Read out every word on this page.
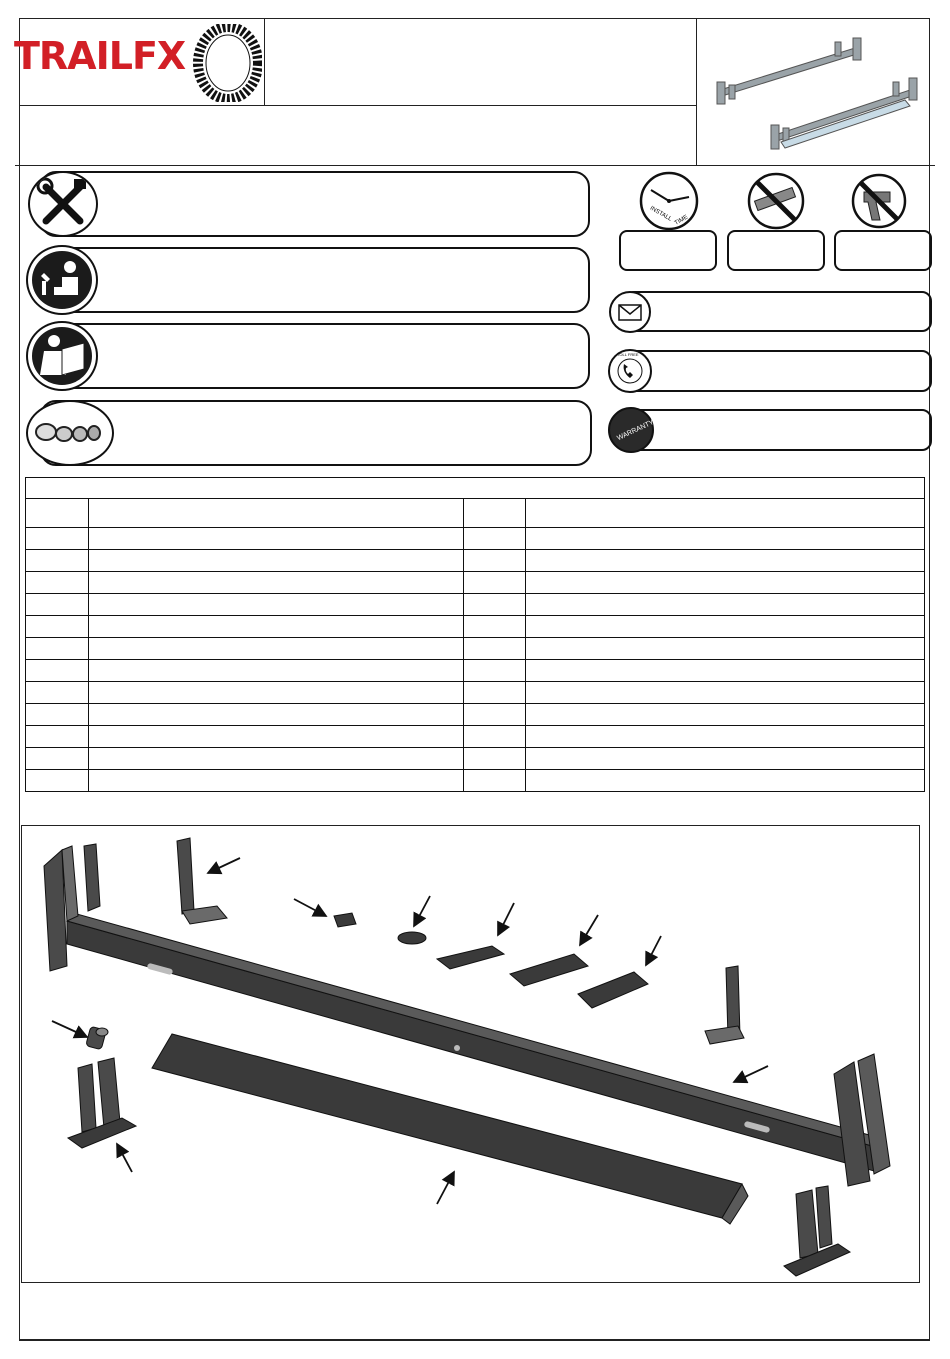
TRAILFX
INSTALL TIME
TOLL FREE
WARRANTY
